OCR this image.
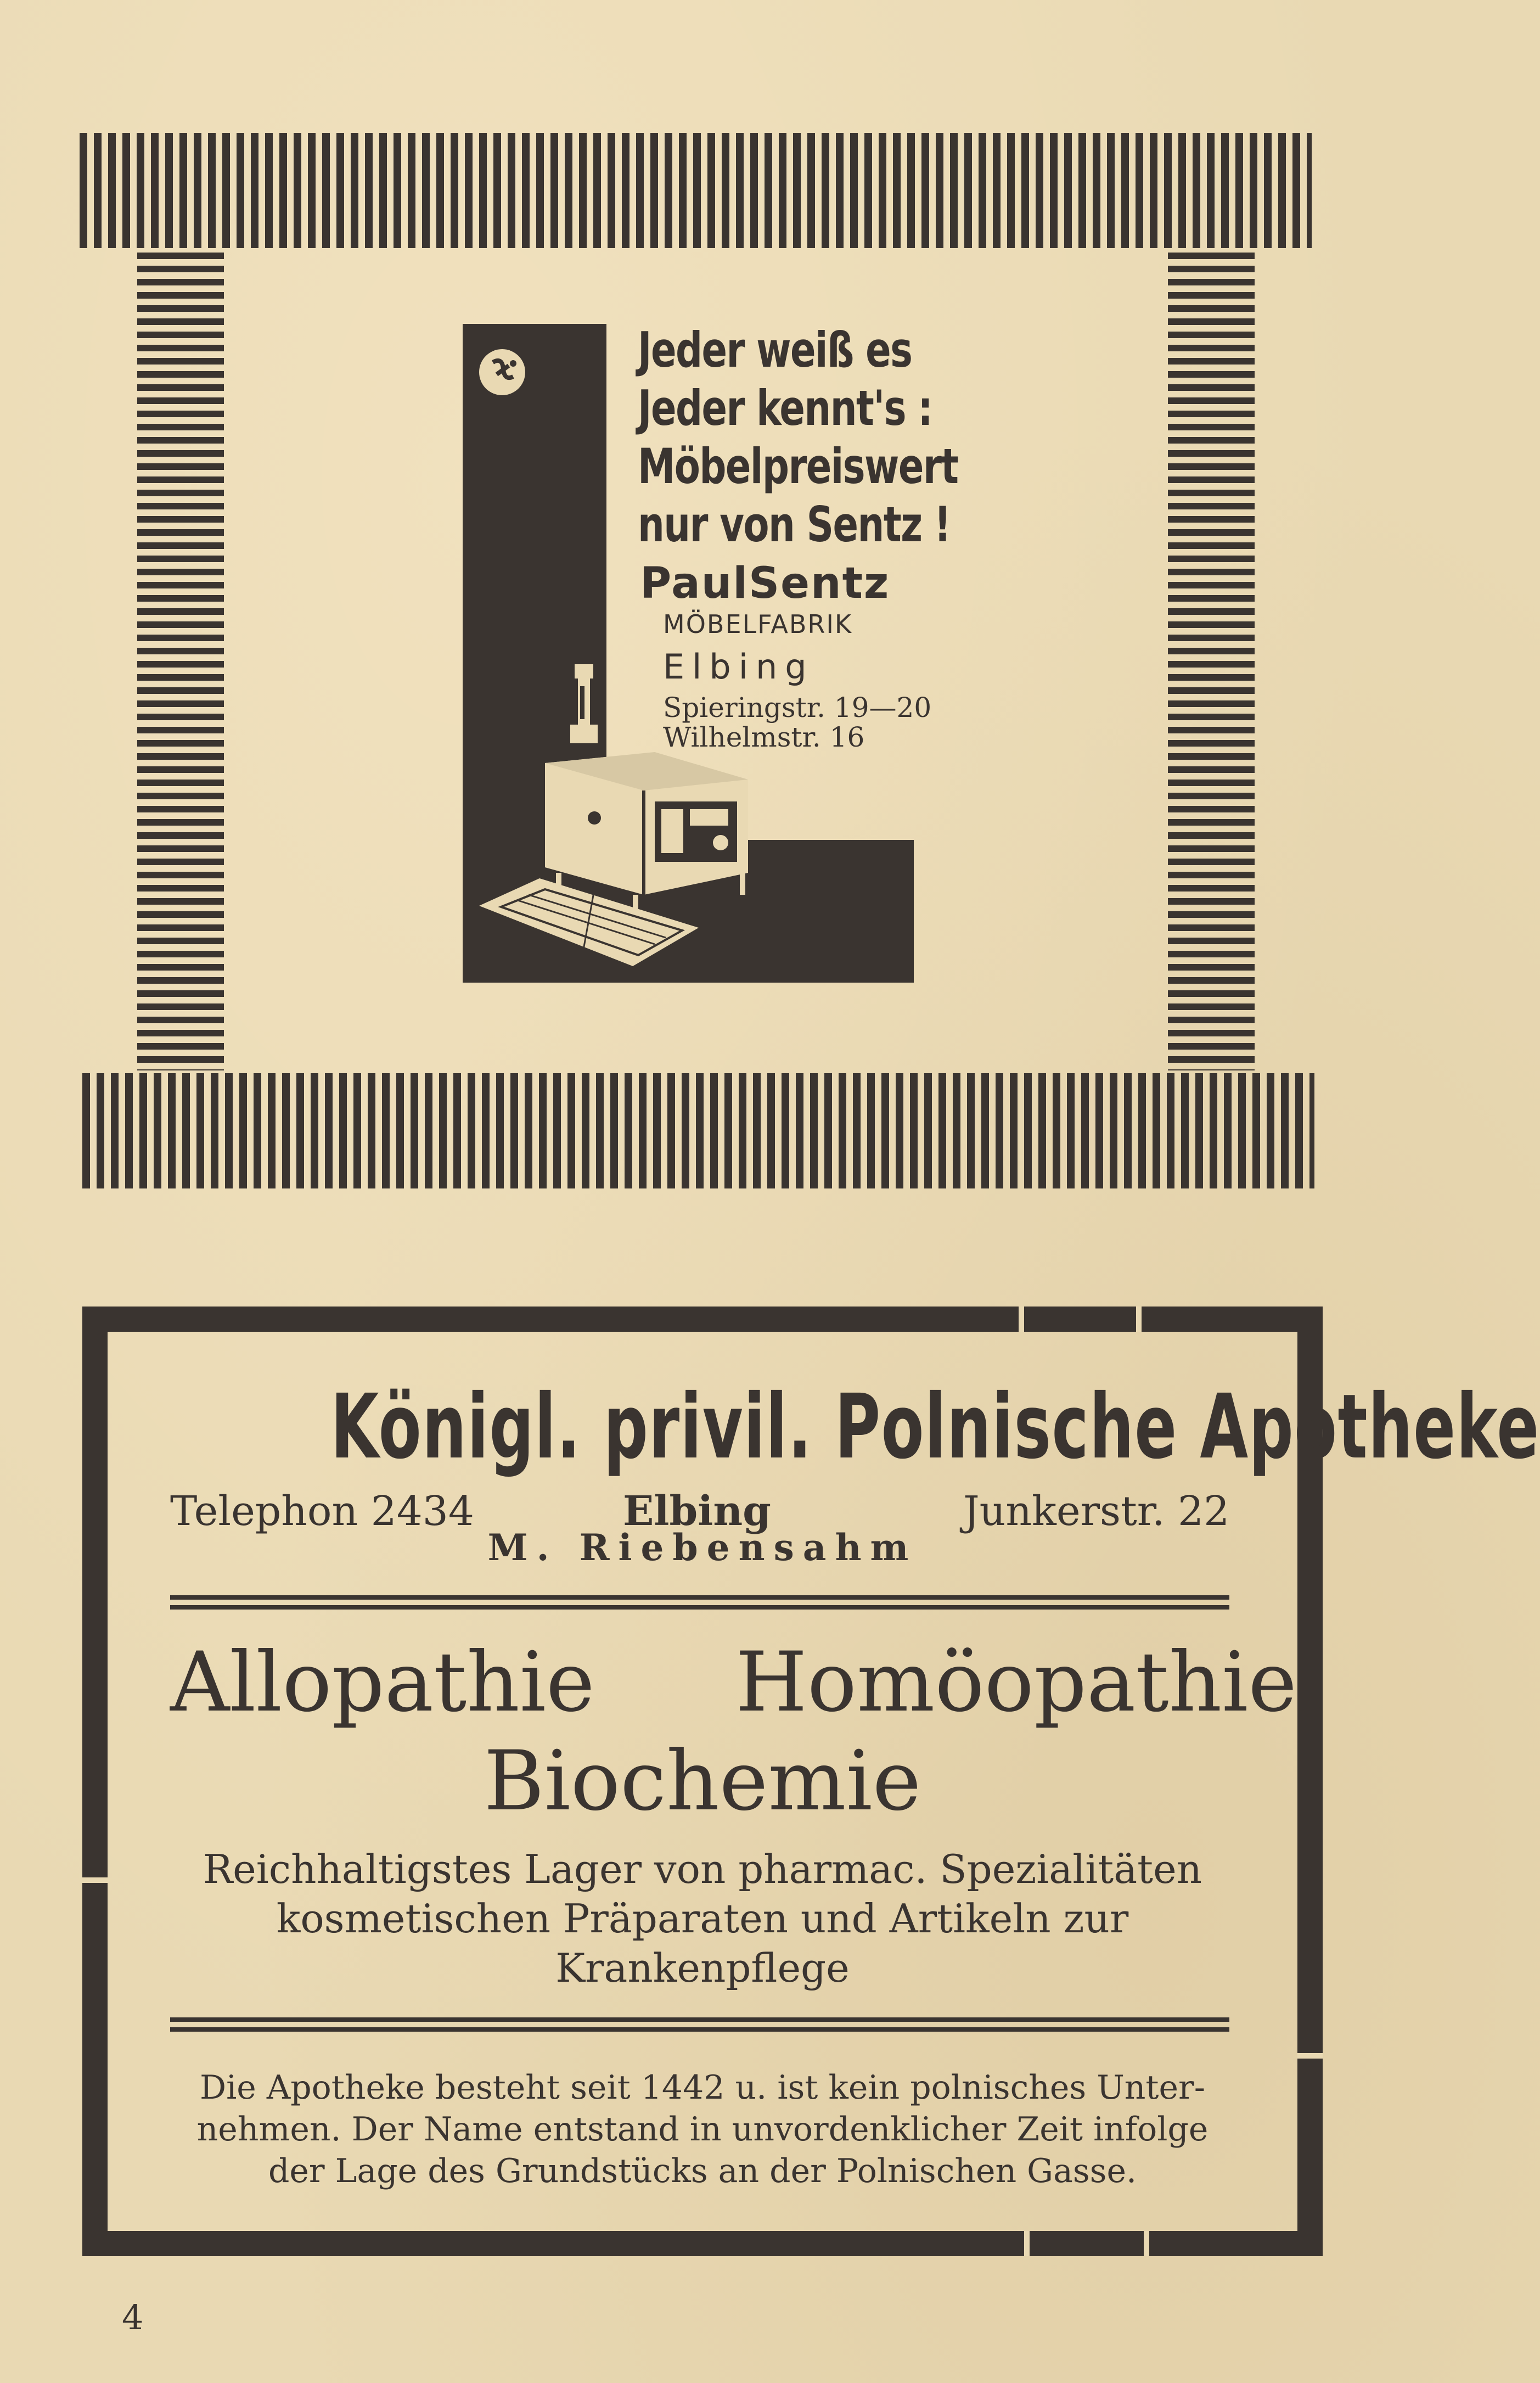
Jeder weiß es
Jeder kennt's :
Möbelpreiswert
nur von Sentz !
PaulSentz
MÖBELFABRIK
Elbing
Spieringstr. 19—20
Wilhelmstr. 16
Königl. privil. Polnische Apotheke
Telephon 2434	Elbing	Junkerstr. 22
M. Riebensahm
Allopathie Homöopathie
Biochemie
Reichhaltigstes Lager von pharmac. Spezialitäten
kosmetischen Präparaten und Artikeln zur
Krankenpflege
Die Apotheke besteht seit 1442 u. ist kein polnisches Unter-
nehmen. Der Name entstand in unvordenklicher Zeit infolge
der Lage des Grundstücks an der Polnischen Gasse.
4
